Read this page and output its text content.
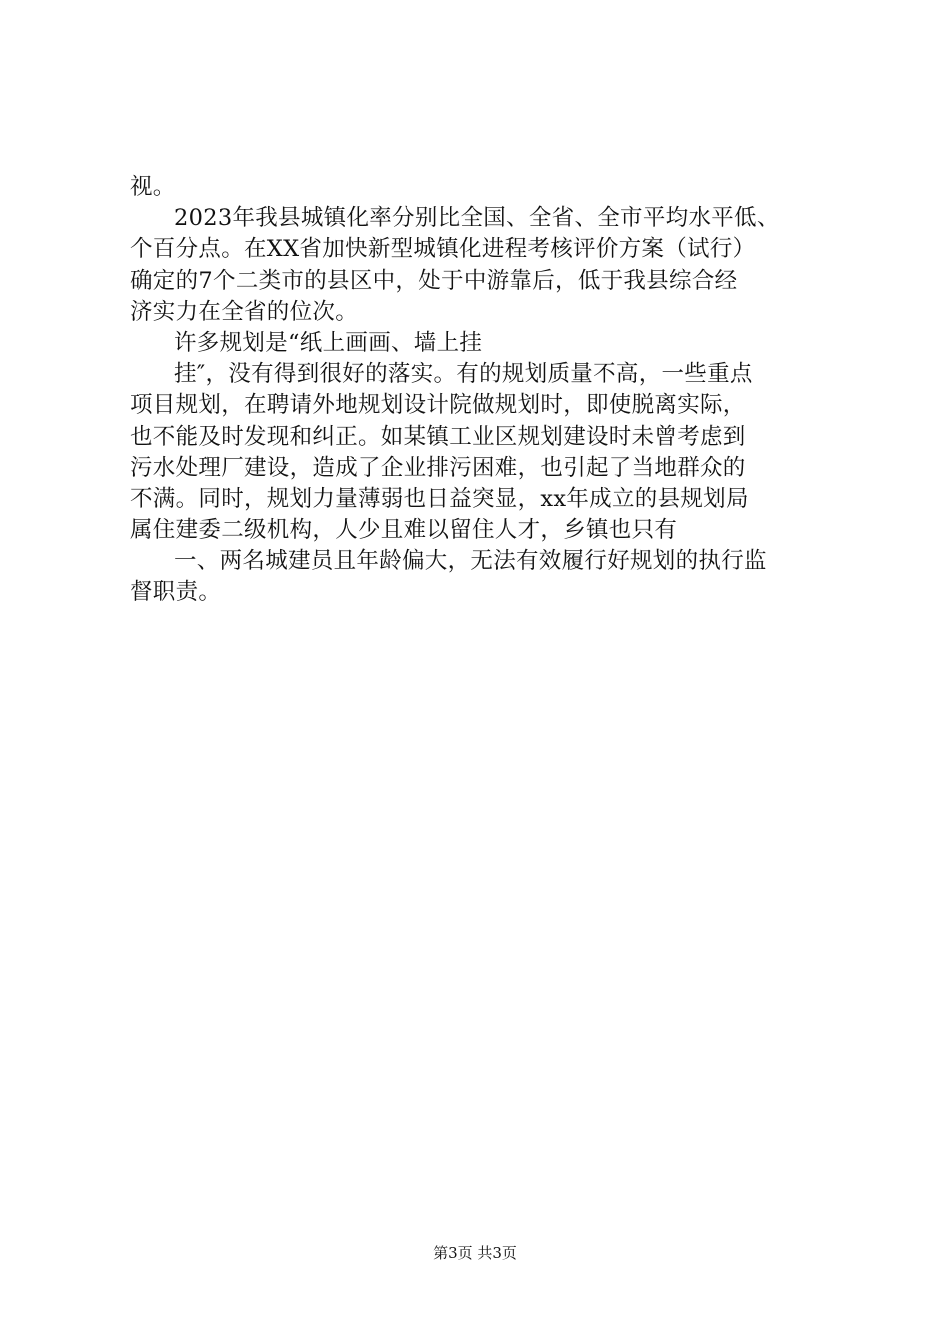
视。
2023年我县城镇化率分别比全国、全省、全市平均水平低、
个百分点。在XX省加快新型城镇化进程考核评价方案（试行）
确定的7个二类市的县区中，处于中游靠后，低于我县综合经
济实力在全省的位次。
许多规划是“纸上画画、墙上挂
挂″，没有得到很好的落实。有的规划质量不高，一些重点
项目规划，在聘请外地规划设计院做规划时，即使脱离实际，
也不能及时发现和纠正。如某镇工业区规划建设时未曾考虑到
污水处理厂建设，造成了企业排污困难，也引起了当地群众的
不满。同时，规划力量薄弱也日益突显，xx年成立的县规划局
属住建委二级机构，人少且难以留住人才，乡镇也只有
一、两名城建员且年龄偏大，无法有效履行好规划的执行监
督职责。
第3页 共3页
